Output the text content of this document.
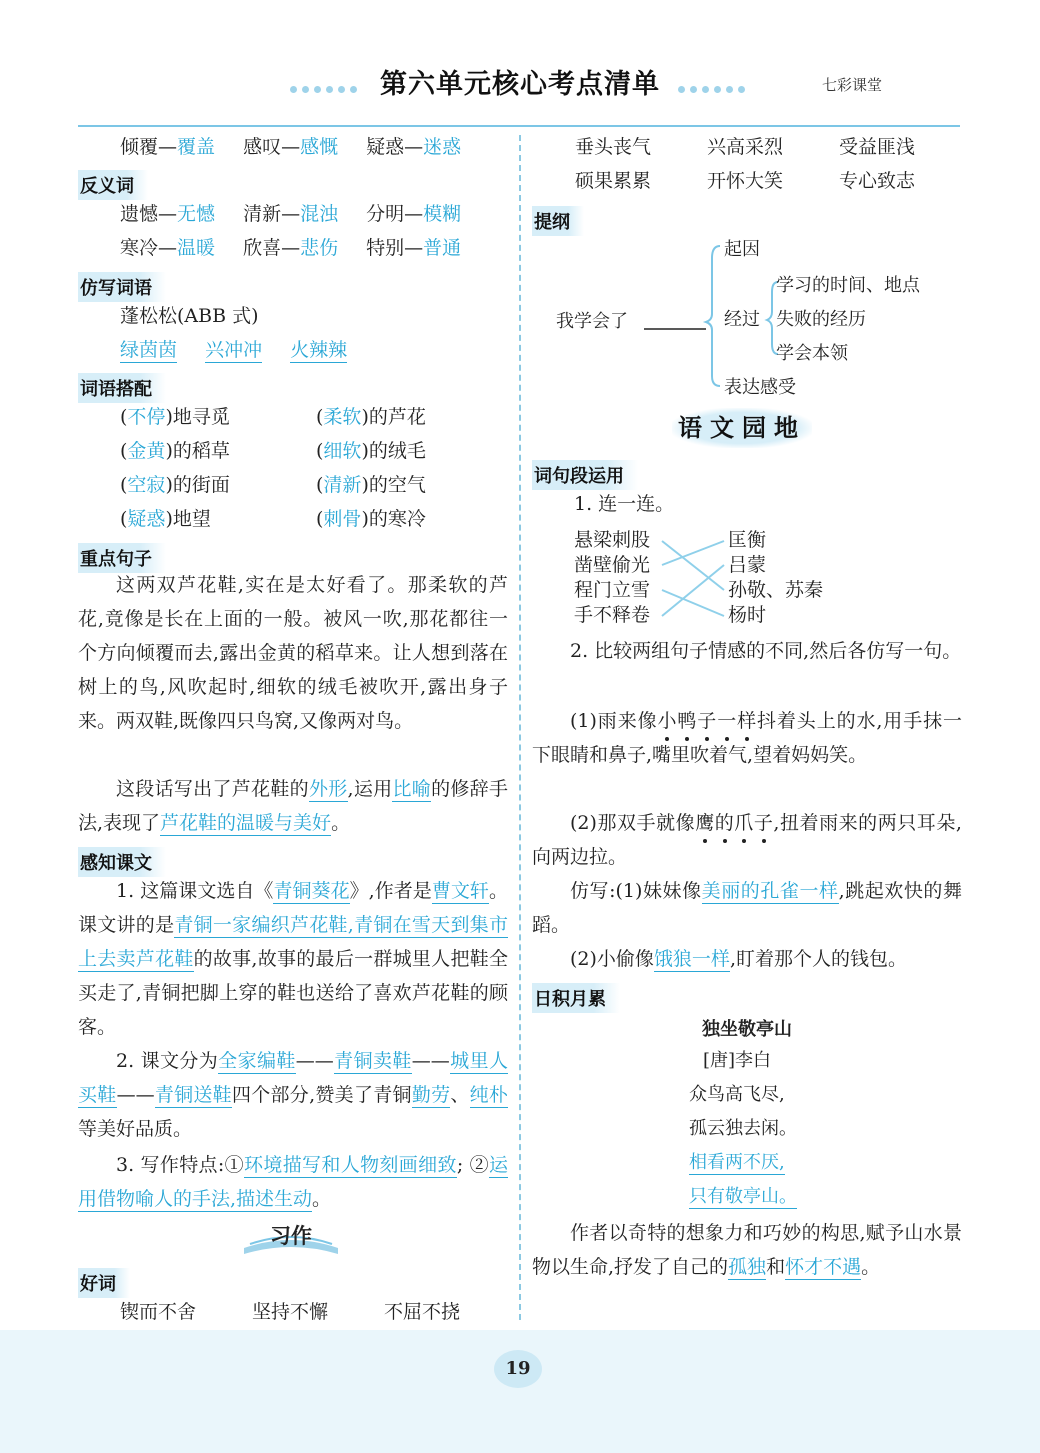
第六单元核心考点清单	七彩课堂
倾覆—覆盖 感叹—感慨 疑惑—迷惑
反义词
遗憾—无憾 清新—混浊 分明—模糊
寒冷—温暖 欣喜—悲伤 特别—普通
仿写词语
蓬松松(ABB 式)
绿茵茵 兴冲冲 火辣辣
词语搭配
(不停)地寻觅	(柔软)的芦花
(金黄)的稻草	(细软)的绒毛
(空寂)的街面	(清新)的空气
(疑惑)地望	(刺骨)的寒冷
重点句子
这两双芦花鞋,实在是太好看了。那柔软的芦花,竟像是长在上面的一般。被风一吹,那花都往一个方向倾覆而去,露出金黄的稻草来。让人想到落在树上的鸟,风吹起时,细软的绒毛被吹开,露出身子来。两双鞋,既像四只鸟窝,又像两对鸟。
这段话写出了芦花鞋的外形,运用比喻的修辞手法,表现了芦花鞋的温暖与美好。
感知课文
1. 这篇课文选自《青铜葵花》,作者是曹文轩。课文讲的是青铜一家编织芦花鞋,青铜在雪天到集市上去卖芦花鞋的故事,故事的最后一群城里人把鞋全买走了,青铜把脚上穿的鞋也送给了喜欢芦花鞋的顾客。
2. 课文分为全家编鞋——青铜卖鞋——城里人买鞋——青铜送鞋四个部分,赞美了青铜勤劳、纯朴等美好品质。
3. 写作特点:①环境描写和人物刻画细致; ②运用借物喻人的手法,描述生动。
习作
好词
锲而不舍	坚持不懈	不屈不挠
垂头丧气	兴高采烈	受益匪浅
硕果累累	开怀大笑	专心致志
提纲
我学会了
起因
经过
学习的时间、地点
失败的经历
学会本领
表达感受
语文园地
词句段运用
1. 连一连。
悬梁刺股
凿壁偷光
程门立雪
手不释卷
匡衡
吕蒙
孙敬、苏秦
杨时
2. 比较两组句子情感的不同,然后各仿写一句。
(1)雨来像小鸭子一样抖着头上的水,用手抹一下眼睛和鼻子,嘴里吹着气,望着妈妈笑。
(2)那双手就像鹰的爪子,扭着雨来的两只耳朵,向两边拉。
仿写:(1)妹妹像美丽的孔雀一样,跳起欢快的舞蹈。
(2)小偷像饿狼一样,盯着那个人的钱包。
日积月累
独坐敬亭山
[唐]李白
众鸟高飞尽,
孤云独去闲。
相看两不厌,
只有敬亭山。
作者以奇特的想象力和巧妙的构思,赋予山水景物以生命,抒发了自己的孤独和怀才不遇。
19
